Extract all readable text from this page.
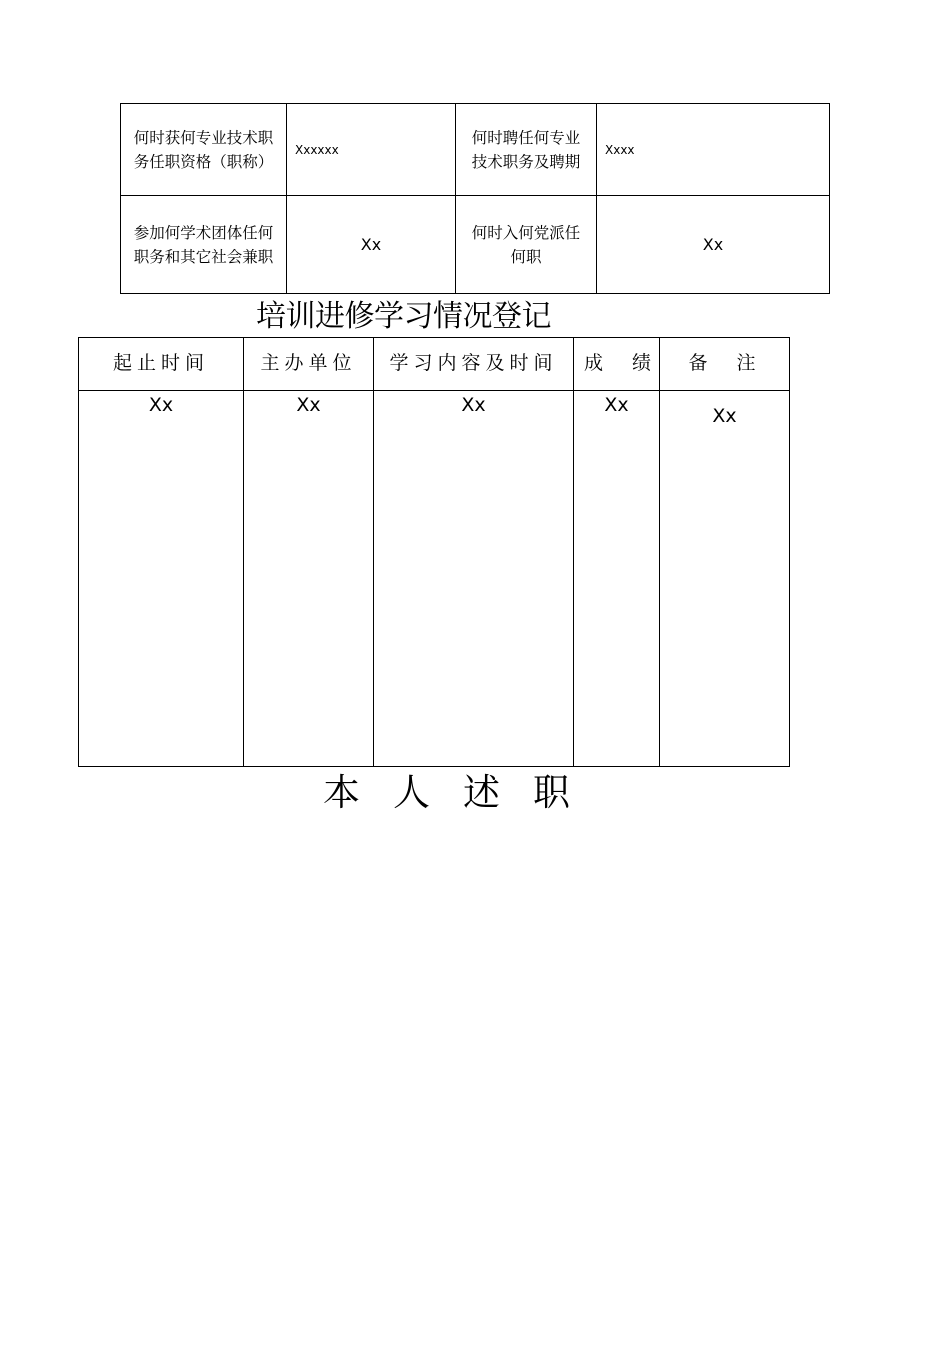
何时获何专业技术职务任职资格（职称）	Xxxxxx	何时聘任何专业技术职务及聘期	Xxxx
参加何学术团体任何职务和其它社会兼职	Xx	何时入何党派任何职	Xx
培训进修学习情况登记
起止时间	主办单位	学习内容及时间	成　绩	备　注
Xx	Xx	Xx	Xx	Xx
本 人 述 职
